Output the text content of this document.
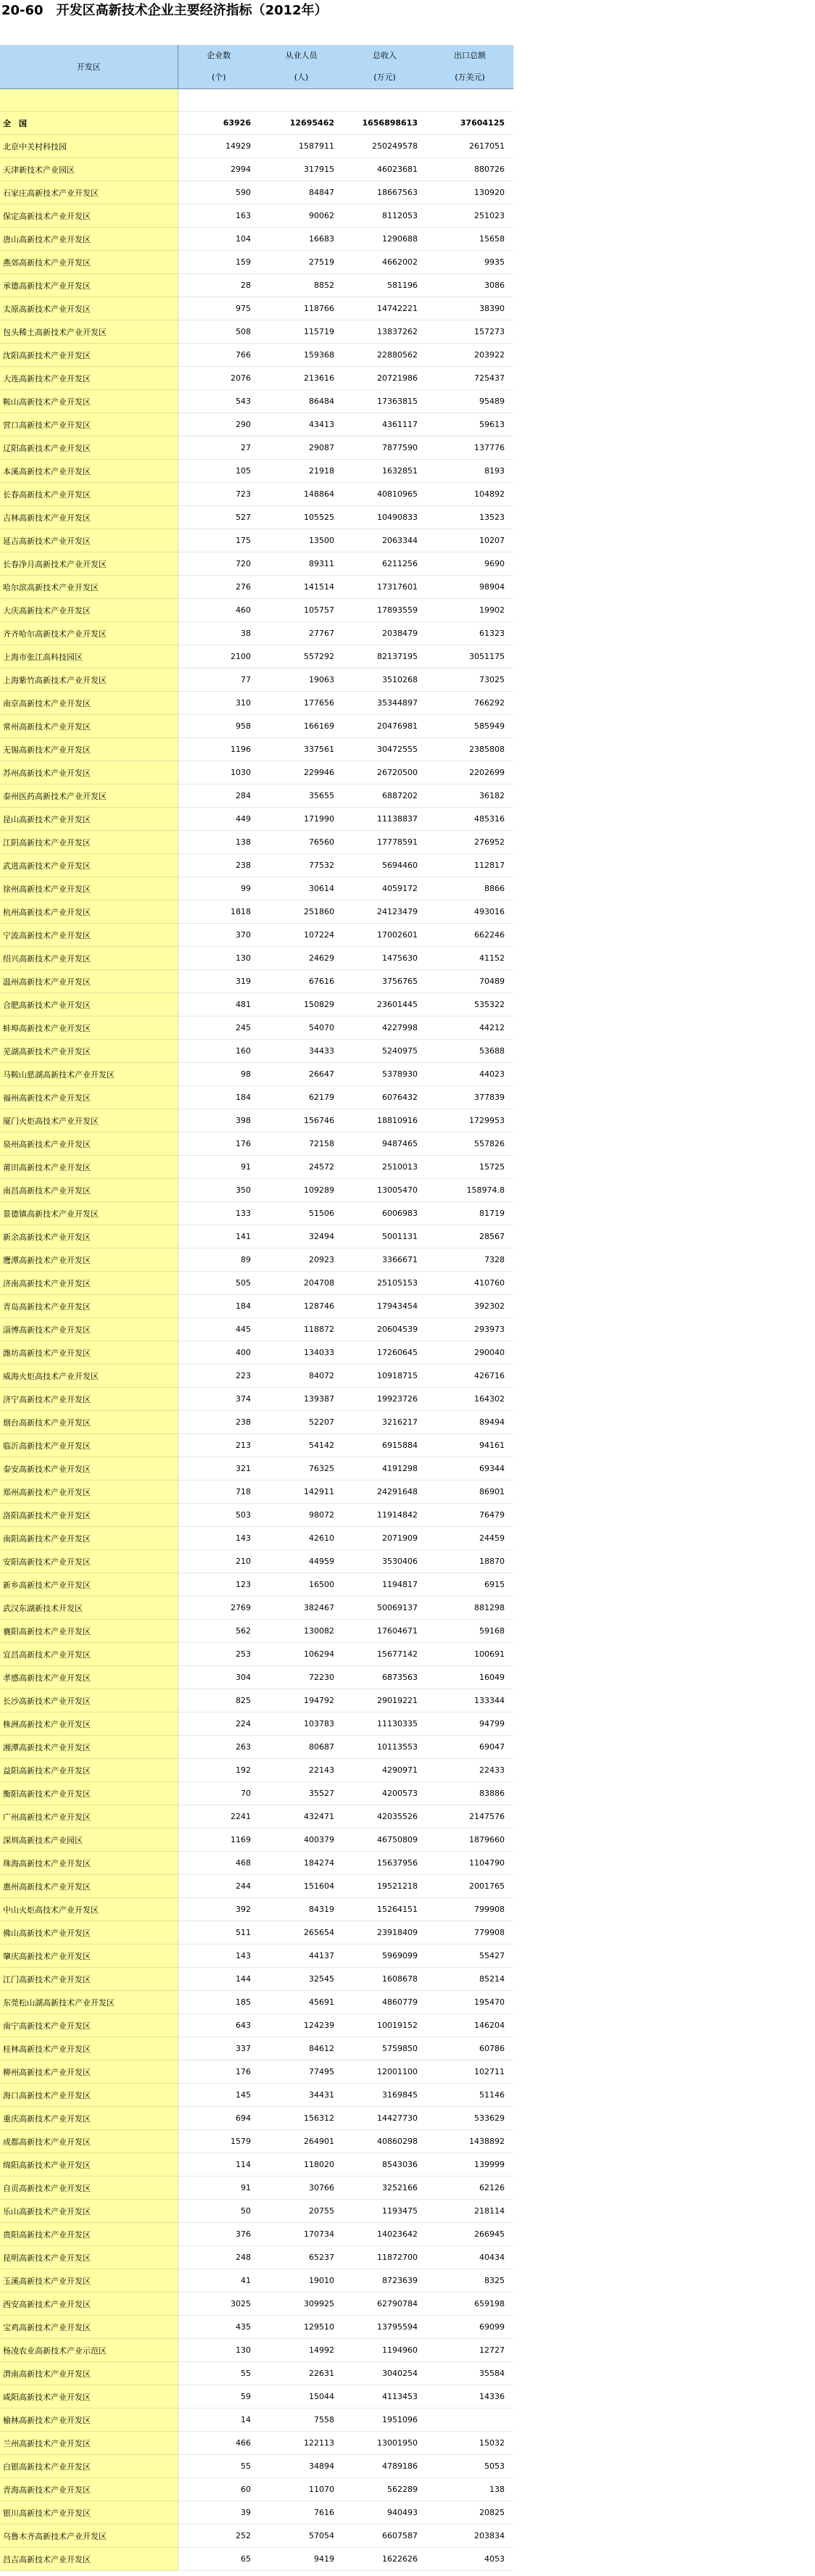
20-60　开发区高新技术企业主要经济指标（2012年）
开发区	企业数	从业人员	总收入	出口总额
	(个)	(人)	(万元)	(万美元)

全　国	63926	12695462	1656898613	37604125
北京中关村科技园	14929	1587911	250249578	2617051
天津新技术产业园区	2994	317915	46023681	880726
石家庄高新技术产业开发区	590	84847	18667563	130920
保定高新技术产业开发区	163	90062	8112053	251023
唐山高新技术产业开发区	104	16683	1290688	15658
燕郊高新技术产业开发区	159	27519	4662002	9935
承德高新技术产业开发区	28	8852	581196	3086
太原高新技术产业开发区	975	118766	14742221	38390
包头稀土高新技术产业开发区	508	115719	13837262	157273
沈阳高新技术产业开发区	766	159368	22880562	203922
大连高新技术产业开发区	2076	213616	20721986	725437
鞍山高新技术产业开发区	543	86484	17363815	95489
营口高新技术产业开发区	290	43413	4361117	59613
辽阳高新技术产业开发区	27	29087	7877590	137776
本溪高新技术产业开发区	105	21918	1632851	8193
长春高新技术产业开发区	723	148864	40810965	104892
吉林高新技术产业开发区	527	105525	10490833	13523
延吉高新技术产业开发区	175	13500	2063344	10207
长春净月高新技术产业开发区	720	89311	6211256	9690
哈尔滨高新技术产业开发区	276	141514	17317601	98904
大庆高新技术产业开发区	460	105757	17893559	19902
齐齐哈尔高新技术产业开发区	38	27767	2038479	61323
上海市张江高科技园区	2100	557292	82137195	3051175
上海紫竹高新技术产业开发区	77	19063	3510268	73025
南京高新技术产业开发区	310	177656	35344897	766292
常州高新技术产业开发区	958	166169	20476981	585949
无锡高新技术产业开发区	1196	337561	30472555	2385808
苏州高新技术产业开发区	1030	229946	26720500	2202699
泰州医药高新技术产业开发区	284	35655	6887202	36182
昆山高新技术产业开发区	449	171990	11138837	485316
江阴高新技术产业开发区	138	76560	17778591	276952
武进高新技术产业开发区	238	77532	5694460	112817
徐州高新技术产业开发区	99	30614	4059172	8866
杭州高新技术产业开发区	1818	251860	24123479	493016
宁波高新技术产业开发区	370	107224	17002601	662246
绍兴高新技术产业开发区	130	24629	1475630	41152
温州高新技术产业开发区	319	67616	3756765	70489
合肥高新技术产业开发区	481	150829	23601445	535322
蚌埠高新技术产业开发区	245	54070	4227998	44212
芜湖高新技术产业开发区	160	34433	5240975	53688
马鞍山慈湖高新技术产业开发区	98	26647	5378930	44023
福州高新技术产业开发区	184	62179	6076432	377839
厦门火炬高技术产业开发区	398	156746	18810916	1729953
泉州高新技术产业开发区	176	72158	9487465	557826
莆田高新技术产业开发区	91	24572	2510013	15725
南昌高新技术产业开发区	350	109289	13005470	158974.8
景德镇高新技术产业开发区	133	51506	6006983	81719
新余高新技术产业开发区	141	32494	5001131	28567
鹰潭高新技术产业开发区	89	20923	3366671	7328
济南高新技术产业开发区	505	204708	25105153	410760
青岛高新技术产业开发区	184	128746	17943454	392302
淄博高新技术产业开发区	445	118872	20604539	293973
潍坊高新技术产业开发区	400	134033	17260645	290040
威海火炬高技术产业开发区	223	84072	10918715	426716
济宁高新技术产业开发区	374	139387	19923726	164302
烟台高新技术产业开发区	238	52207	3216217	89494
临沂高新技术产业开发区	213	54142	6915884	94161
泰安高新技术产业开发区	321	76325	4191298	69344
郑州高新技术产业开发区	718	142911	24291648	86901
洛阳高新技术产业开发区	503	98072	11914842	76479
南阳高新技术产业开发区	143	42610	2071909	24459
安阳高新技术产业开发区	210	44959	3530406	18870
新乡高新技术产业开发区	123	16500	1194817	6915
武汉东湖新技术开发区	2769	382467	50069137	881298
襄阳高新技术产业开发区	562	130082	17604671	59168
宜昌高新技术产业开发区	253	106294	15677142	100691
孝感高新技术产业开发区	304	72230	6873563	16049
长沙高新技术产业开发区	825	194792	29019221	133344
株洲高新技术产业开发区	224	103783	11130335	94799
湘潭高新技术产业开发区	263	80687	10113553	69047
益阳高新技术产业开发区	192	22143	4290971	22433
衡阳高新技术产业开发区	70	35527	4200573	83886
广州高新技术产业开发区	2241	432471	42035526	2147576
深圳高新技术产业园区	1169	400379	46750809	1879660
珠海高新技术产业开发区	468	184274	15637956	1104790
惠州高新技术产业开发区	244	151604	19521218	2001765
中山火炬高技术产业开发区	392	84319	15264151	799908
佛山高新技术产业开发区	511	265654	23918409	779908
肇庆高新技术产业开发区	143	44137	5969099	55427
江门高新技术产业开发区	144	32545	1608678	85214
东莞松山湖高新技术产业开发区	185	45691	4860779	195470
南宁高新技术产业开发区	643	124239	10019152	146204
桂林高新技术产业开发区	337	84612	5759850	60786
柳州高新技术产业开发区	176	77495	12001100	102711
海口高新技术产业开发区	145	34431	3169845	51146
重庆高新技术产业开发区	694	156312	14427730	533629
成都高新技术产业开发区	1579	264901	40860298	1438892
绵阳高新技术产业开发区	114	118020	8543036	139999
自贡高新技术产业开发区	91	30766	3252166	62126
乐山高新技术产业开发区	50	20755	1193475	218114
贵阳高新技术产业开发区	376	170734	14023642	266945
昆明高新技术产业开发区	248	65237	11872700	40434
玉溪高新技术产业开发区	41	19010	8723639	8325
西安高新技术产业开发区	3025	309925	62790784	659198
宝鸡高新技术产业开发区	435	129510	13795594	69099
杨凌农业高新技术产业示范区	130	14992	1194960	12727
渭南高新技术产业开发区	55	22631	3040254	35584
咸阳高新技术产业开发区	59	15044	4113453	14336
榆林高新技术产业开发区	14	7558	1951096	
兰州高新技术产业开发区	466	122113	13001950	15032
白银高新技术产业开发区	55	34894	4789186	5053
青海高新技术产业开发区	60	11070	562289	138
银川高新技术产业开发区	39	7616	940493	20825
乌鲁木齐高新技术产业开发区	252	57054	6607587	203834
昌吉高新技术产业开发区	65	9419	1622626	4053
